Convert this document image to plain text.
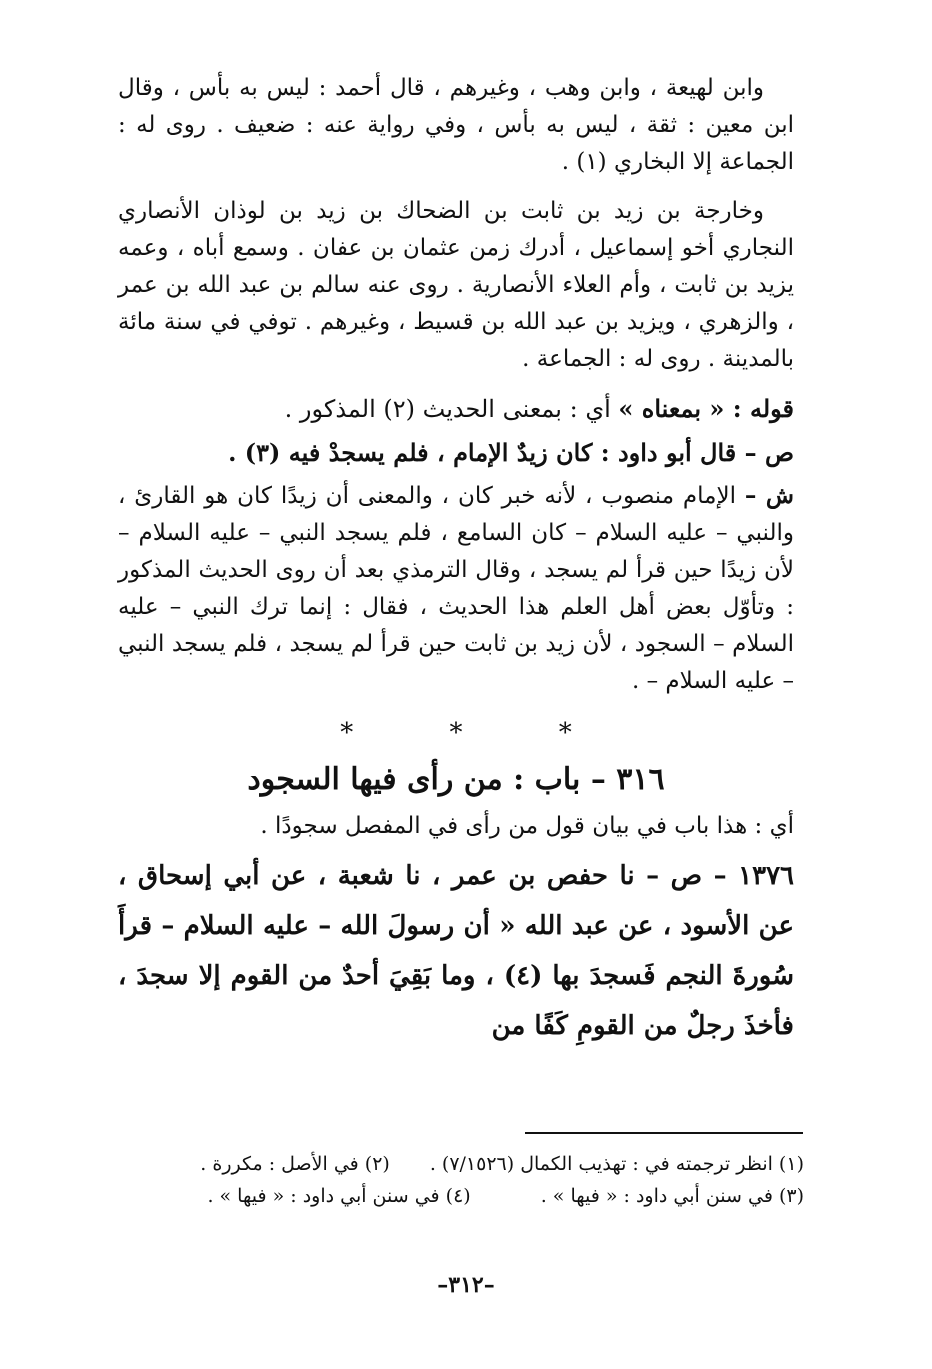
وابن لهيعة ، وابن وهب ، وغيرهم ، قال أحمد : ليس به بأس ، وقال ابن معين : ثقة ، ليس به بأس ، وفي رواية عنه : ضعيف . روى له : الجماعة إلا البخاري (١) .

وخارجة بن زيد بن ثابت بن الضحاك بن زيد بن لوذان الأنصاري النجاري أخو إسماعيل ، أدرك زمن عثمان بن عفان . وسمع أباه ، وعمه يزيد بن ثابت ، وأم العلاء الأنصارية . روى عنه سالم بن عبد الله بن عمر ، والزهري ، ويزيد بن عبد الله بن قسيط ، وغيرهم . توفي في سنة مائة بالمدينة . روى له : الجماعة .

قوله : « بمعناه » أي : بمعنى الحديث (٢) المذكور .

ص – قال أبو داود : كان زيدٌ الإمام ، فلم يسجدْ فيه (٣) .

ش – الإمام منصوب ، لأنه خبر كان ، والمعنى أن زيدًا كان هو القارئ ، والنبي – عليه السلام – كان السامع ، فلم يسجد النبي – عليه السلام – لأن زيدًا حين قرأ لم يسجد ، وقال الترمذي بعد أن روى الحديث المذكور : وتأوّل بعض أهل العلم هذا الحديث ، فقال : إنما ترك النبي – عليه السلام – السجود ، لأن زيد بن ثابت حين قرأ لم يسجد ، فلم يسجد النبي – عليه السلام – .

* * *
٣١٦ – باب : من رأى فيها السجود

أي : هذا باب في بيان قول من رأى في المفصل سجودًا .

١٣٧٦ – ص – نا حفص بن عمر ، نا شعبة ، عن أبي إسحاق ، عن الأسود ، عن عبد الله « أن رسولَ الله – عليه السلام – قرأَ سُورةَ النجم فَسجدَ بها (٤) ، وما بَقِيَ أحدٌ من القوم إلا سجدَ ، فأخذَ رجلٌ من القومِ كَفًا من

(١) انظر ترجمته في : تهذيب الكمال (٧/١٥٢٦) .(٢) في الأصل : مكررة .
(٣) في سنن أبي داود : « فيها » .(٤) في سنن أبي داود : « فيها » .
–٣١٢–
